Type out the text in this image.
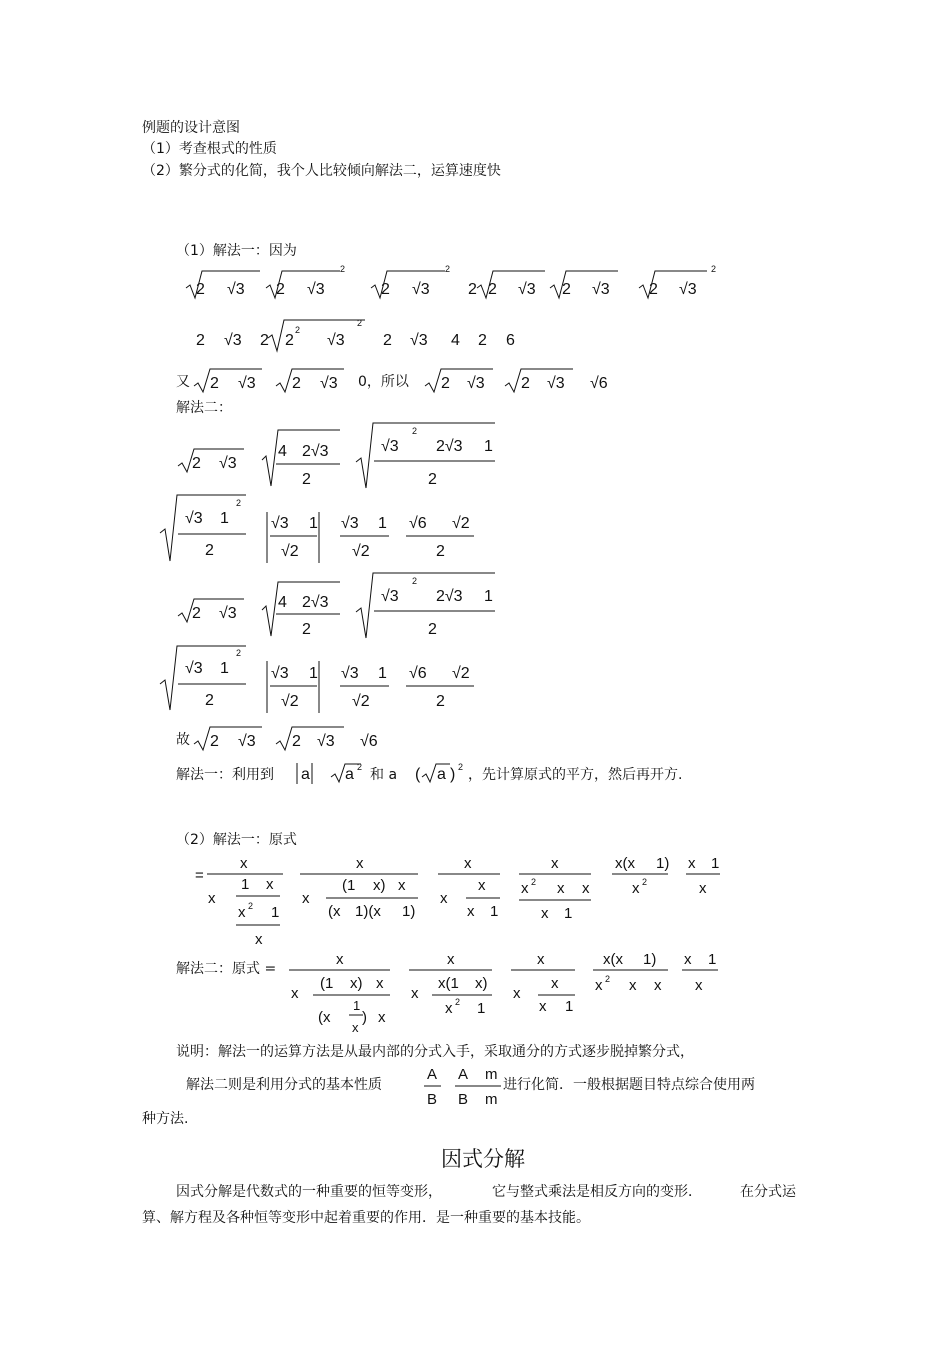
例题的设计意图
（1）考查根式的性质
（2）繁分式的化简，我个人比较倾向解法二，运算速度快
（1）解法一：因为
又	0，所以
解法二：
故
解法一：利用到	和 a	，先计算原式的平方，然后再开方.
（2）解法一：原式
解法二：原式 =
说明：解法一的运算方法是从最内部的分式入手，采取通分的方式逐步脱掉繁分式，
解法二则是利用分式的基本性质	进行化简．一般根据题目特点综合使用两
种方法.
因式分解
因式分解是代数式的一种重要的恒等变形，	它与整式乘法是相反方向的变形．	在分式运
算、解方程及各种恒等变形中起着重要的作用．是一种重要的基本技能。
2 √3 2 √3
2
2 √3
2
2 2 √3 2 √3 2 √3
2
2 √3 2 2
2
√3
2
2 √3 4 2 6
2 √3 2 √3	2 √3 2 √3 √6
2 √3
4 2√3
2
√3
2
2√3 1
2
√3 1
2
2
√3 1
√2
√3 1
√2
√6 √2
2
2 √3
4 2√3
2
√3
2
2√3 1
2
√3 1
2
2
√3 1
√2
√3 1
√2
√6 √2
2
2 √3 2 √3 √6
a a 2	( a ) 2
=
x
x
1 x
x 2 1
x
x
x
(1 x) x
(x 1)(x 1)
x
x
x
x 1
x
x 2 x x
x 1
x(x 1)
x 2
x 1
x
x
x
(1 x) x
(x
1
x
) x
x
x
x(1 x)
x 2 1
x
x
x
x 1
x(x 1)
x 2 x x
x 1
x
A
B
A m
B m
